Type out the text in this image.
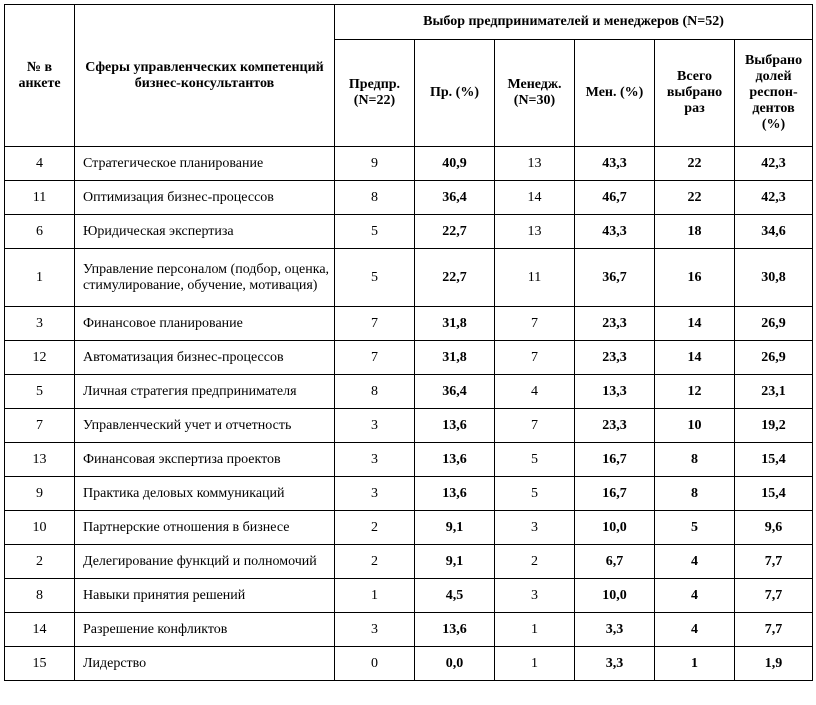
№ в анкете	Сферы управленческих компетенций бизнес-консультантов	Выбор предпринимателей и менеджеров (N=52)					
		Предпр. (N=22)	Пр. (%)	Менедж. (N=30)	Мен. (%)	Всего выбрано раз	Выбрано долей респон-дентов (%)
4	Стратегическое планирование	9	40,9	13	43,3	22	42,3
11	Оптимизация бизнес-процессов	8	36,4	14	46,7	22	42,3
6	Юридическая экспертиза	5	22,7	13	43,3	18	34,6
1	Управление персоналом (подбор, оценка, стимулирование, обучение, мотивация)	5	22,7	11	36,7	16	30,8
3	Финансовое планирование	7	31,8	7	23,3	14	26,9
12	Автоматизация бизнес-процессов	7	31,8	7	23,3	14	26,9
5	Личная стратегия предпринимателя	8	36,4	4	13,3	12	23,1
7	Управленческий учет и отчетность	3	13,6	7	23,3	10	19,2
13	Финансовая экспертиза проектов	3	13,6	5	16,7	8	15,4
9	Практика деловых коммуникаций	3	13,6	5	16,7	8	15,4
10	Партнерские отношения в бизнесе	2	9,1	3	10,0	5	9,6
2	Делегирование функций и полномочий	2	9,1	2	6,7	4	7,7
8	Навыки принятия решений	1	4,5	3	10,0	4	7,7
14	Разрешение конфликтов	3	13,6	1	3,3	4	7,7
15	Лидерство	0	0,0	1	3,3	1	1,9
